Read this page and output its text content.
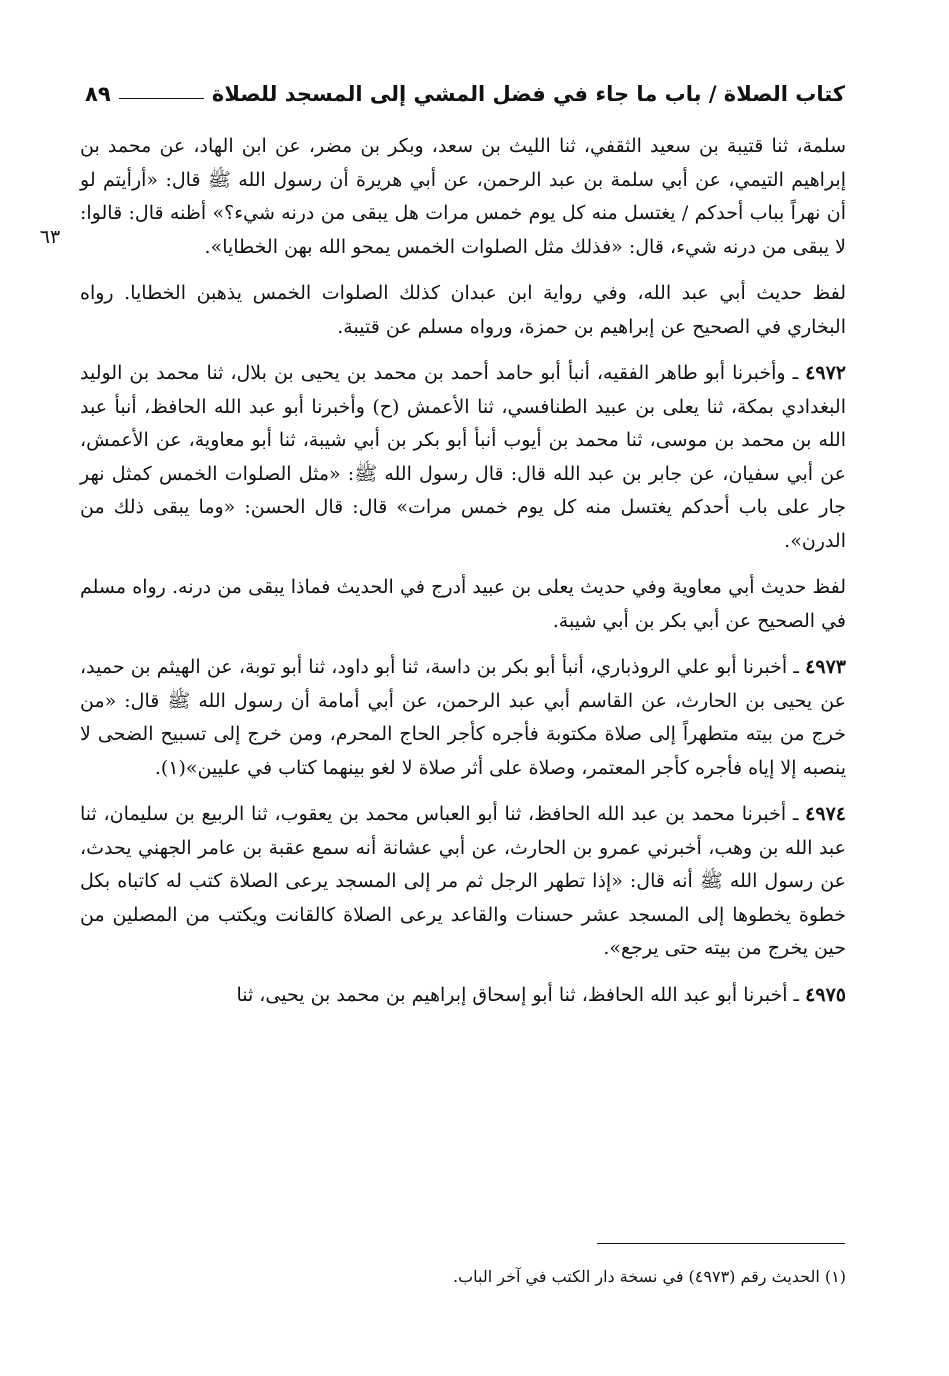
كتاب الصلاة / باب ما جاء في فضل المشي إلى المسجد للصلاة
٨٩
٦٣

سلمة، ثنا قتيبة بن سعيد الثقفي، ثنا الليث بن سعد، وبكر بن مضر، عن ابن الهاد، عن محمد بن إبراهيم التيمي، عن أبي سلمة بن عبد الرحمن، عن أبي هريرة أن رسول الله ﷺ قال: «أرأيتم لو أن نهراً بباب أحدكم / يغتسل منه كل يوم خمس مرات هل يبقى من درنه شيء؟» أظنه قال: قالوا: لا يبقى من درنه شيء، قال: «فذلك مثل الصلوات الخمس يمحو الله بهن الخطايا».

لفظ حديث أبي عبد الله، وفي رواية ابن عبدان كذلك الصلوات الخمس يذهبن الخطايا. رواه البخاري في الصحيح عن إبراهيم بن حمزة، ورواه مسلم عن قتيبة.

٤٩٧٢ ـ وأخبرنا أبو طاهر الفقيه، أنبأ أبو حامد أحمد بن محمد بن يحيى بن بلال، ثنا محمد بن الوليد البغدادي بمكة، ثنا يعلى بن عبيد الطنافسي، ثنا الأعمش (ح) وأخبرنا أبو عبد الله الحافظ، أنبأ عبد الله بن محمد بن موسى، ثنا محمد بن أيوب أنبأ أبو بكر بن أبي شيبة، ثنا أبو معاوية، عن الأعمش، عن أبي سفيان، عن جابر بن عبد الله قال: قال رسول الله ﷺ: «مثل الصلوات الخمس كمثل نهر جار على باب أحدكم يغتسل منه كل يوم خمس مرات» قال: قال الحسن: «وما يبقى ذلك من الدرن».

لفظ حديث أبي معاوية وفي حديث يعلى بن عبيد أدرج في الحديث فماذا يبقى من درنه. رواه مسلم في الصحيح عن أبي بكر بن أبي شيبة.

٤٩٧٣ ـ أخبرنا أبو علي الروذباري، أنبأ أبو بكر بن داسة، ثنا أبو داود، ثنا أبو توبة، عن الهيثم بن حميد، عن يحيى بن الحارث، عن القاسم أبي عبد الرحمن، عن أبي أمامة أن رسول الله ﷺ قال: «من خرج من بيته متطهراً إلى صلاة مكتوبة فأجره كأجر الحاج المحرم، ومن خرج إلى تسبيح الضحى لا ينصبه إلا إياه فأجره كأجر المعتمر، وصلاة على أثر صلاة لا لغو بينهما كتاب في عليين»(١).

٤٩٧٤ ـ أخبرنا محمد بن عبد الله الحافظ، ثنا أبو العباس محمد بن يعقوب، ثنا الربيع بن سليمان، ثنا عبد الله بن وهب، أخبرني عمرو بن الحارث، عن أبي عشانة أنه سمع عقبة بن عامر الجهني يحدث، عن رسول الله ﷺ أنه قال: «إذا تطهر الرجل ثم مر إلى المسجد يرعى الصلاة كتب له كاتباه بكل خطوة يخطوها إلى المسجد عشر حسنات والقاعد يرعى الصلاة كالقانت ويكتب من المصلين من حين يخرج من بيته حتى يرجع».

٤٩٧٥ ـ أخبرنا أبو عبد الله الحافظ، ثنا أبو إسحاق إبراهيم بن محمد بن يحيى، ثنا

(١) الحديث رقم (٤٩٧٣) في نسخة دار الكتب في آخر الباب.
